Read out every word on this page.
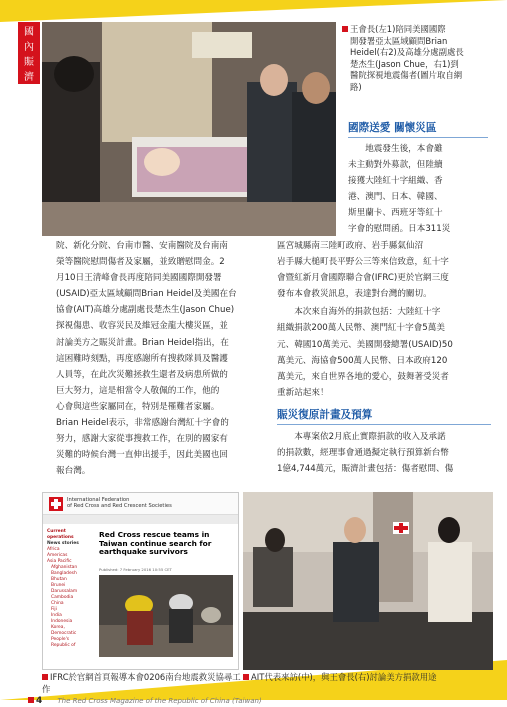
國
內
賑
濟
王會長(左1)陪同美國國際
開發署亞太區域顧問Brian
Heidel(右2)及高雄分處副處長
楚杰生(Jason Chue，右1)到
醫院探視地震傷者(圖片取自網
路)
國際送愛 關懷災區
　　地震發生後，本會雖
未主動對外募款，但陸續
接獲大陸紅十字組織、香
港、澳門、日本、韓國、
斯里蘭卡、西班牙等紅十
字會的慰問函。日本311災
區宮城縣南三陸町政府、岩手縣氣仙沼
岩手縣大槌町長平野公三等來信致意，紅十字
會暨紅新月會國際聯合會(IFRC)更於官網三度
發布本會救災訊息，表達對台灣的關切。
　　本次來自海外的捐款包括：大陸紅十字
組織捐款200萬人民幣、澳門紅十字會5萬美
元、韓國10萬美元、美國開發總署(USAID)50
萬美元、海協會500萬人民幣、日本政府120
萬美元，來自世界各地的愛心，鼓舞著受災者
重新站起來！
院、新化分院、台南市醫、安南醫院及台南南
榮等醫院慰問傷者及家屬，並致贈慰問金。2
月10日王清峰會長再度陪同美國國際開發署
(USAID)亞太區域顧問Brian Heidel及美國在台
協會(AIT)高雄分處副處長楚杰生(Jason Chue)
探視傷患、收容災民及維冠金龍大樓災區，並
討論美方之賑災計畫。Brian Heidel指出，在
這困難時刻點，再度感謝所有搜救隊員及醫護
人員等，在此次災難拯救生還者及病患所做的
巨大努力，這是相當令人敬佩的工作，他的
心會與這些家屬同在，特別是罹難者家屬。
Brian Heidel表示，非常感謝台灣紅十字會的
努力，感謝大家從事搜救工作，在別的國家有
災難的時候台灣一直伸出援手，因此美國也回
報台灣。
賑災復原計畫及預算
　　本專案依2月底止實際捐款的收入及承諾
的捐款數，經理事會通過擬定執行預算新台幣
1億4,744萬元，賑濟計畫包括：傷者慰問、傷
International Federation
of Red Cross and Red Crescent Societies
Current operations
News stories
Africa
Americas
Asia Pacific
Afghanistan
Bangladesh
Bhutan
Brunei Darussalam
Cambodia
China
Fiji
India
Indonesia
Korea, Democratic People's
Republic of
Red Cross rescue teams in Taiwan continue search for earthquake survivors
Published: 7 February 2016 10:55 CET
IFRC於官網首頁報導本會0206南台地震救災協尋工作
AIT代表來訪(中)，與王會長(右)討論美方捐款用途
4 The Red Cross Magazine of the Republic of China (Taiwan)
